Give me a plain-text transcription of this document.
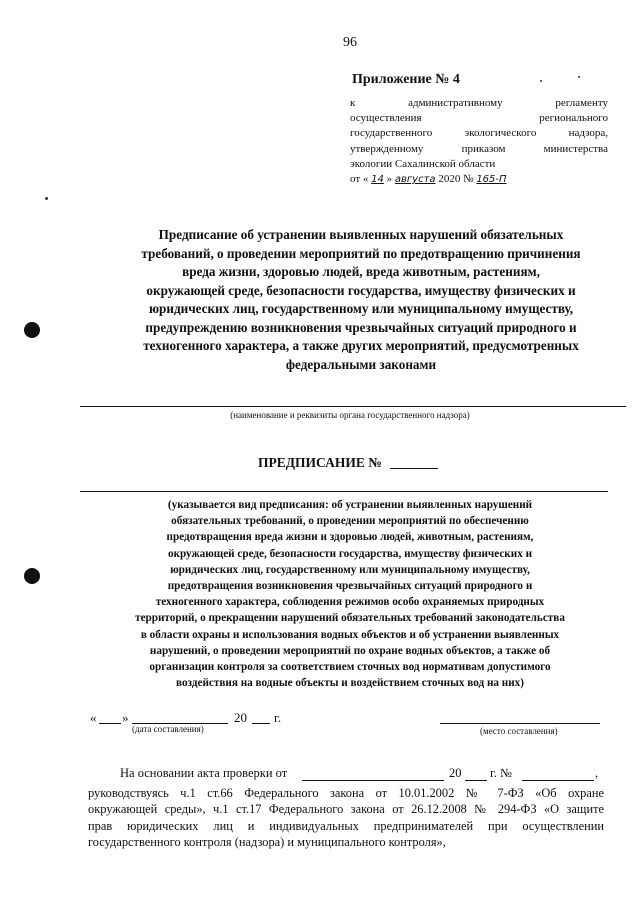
96
Приложение № 4
к административному регламенту
осуществления регионального
государственного экологического надзора,
утвержденному приказом министерства
экологии Сахалинской области
от « 14 » августа 2020 № 165-П
Предписание об устранении выявленных нарушений обязательных
требований, о проведении мероприятий по предотвращению причинения
вреда жизни, здоровью людей, вреда животным, растениям,
окружающей среде, безопасности государства, имуществу физических и
юридических лиц, государственному или муниципальному имуществу,
предупреждению возникновения чрезвычайных ситуаций природного и
техногенного характера, а также других мероприятий, предусмотренных
федеральными законами
(наименование и реквизиты органа государственного надзора)
ПРЕДПИСАНИЕ №
(указывается вид предписания: об устранении выявленных нарушений
обязательных требований, о проведении мероприятий по обеспечению
предотвращения вреда жизни и здоровью людей, животным, растениям,
окружающей среде, безопасности государства, имуществу физических и
юридических лиц, государственному или муниципальному имуществу,
предотвращения возникновения чрезвычайных ситуаций природного и
техногенного характера, соблюдения режимов особо охраняемых природных
территорий, о прекращении нарушений обязательных требований законодательства
в области охраны и использования водных объектов и об устранении выявленных
нарушений, о проведении мероприятий по охране водных объектов, а также об
организации контроля за соответствием сточных вод нормативам допустимого
воздействия на водные объекты и воздействием сточных вод на них)
« »	20 г.
(дата составления)	(место составления)
На основании акта проверки от	20 г. №	,
руководствуясь ч.1 ст.66 Федерального закона от 10.01.2002 № 7-ФЗ «Об охране
окружающей среды», ч.1 ст.17 Федерального закона от 26.12.2008 № 294-ФЗ «О защите
прав юридических лиц и индивидуальных предпринимателей при осуществлении
государственного контроля (надзора) и муниципального контроля»,
